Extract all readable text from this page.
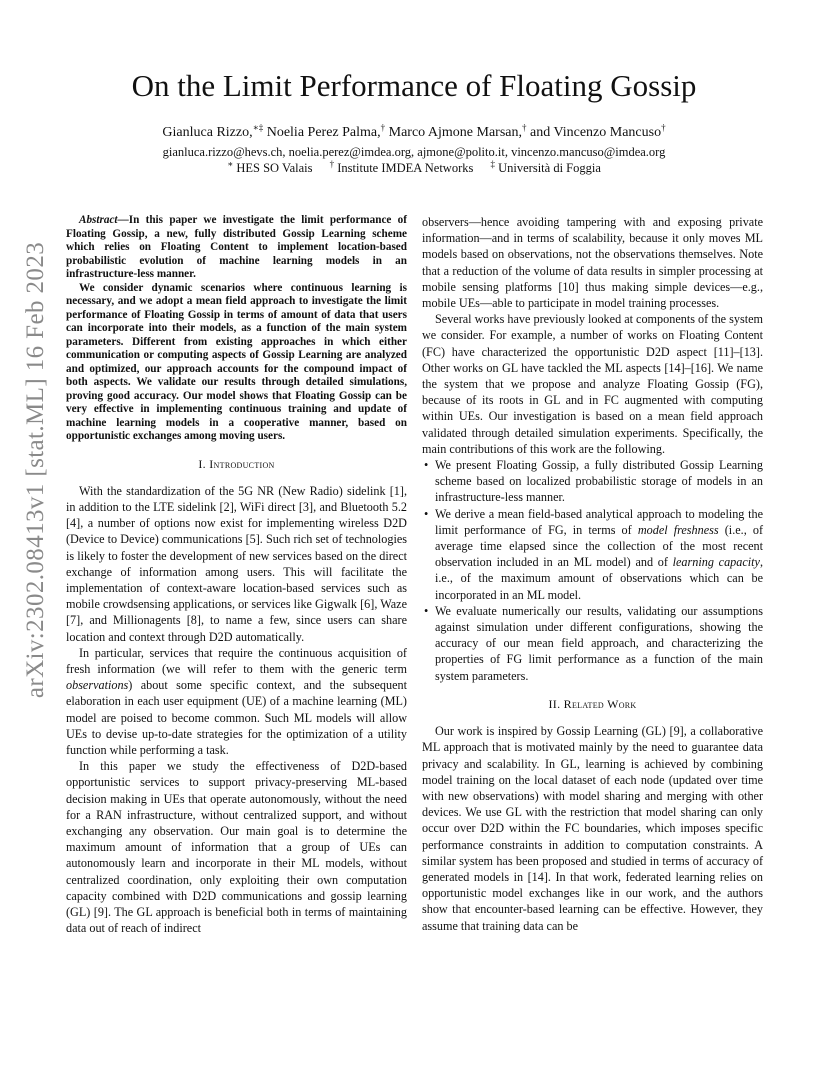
arXiv:2302.08413v1 [stat.ML] 16 Feb 2023
On the Limit Performance of Floating Gossip
Gianluca Rizzo,∗‡ Noelia Perez Palma,† Marco Ajmone Marsan,† and Vincenzo Mancuso†
gianluca.rizzo@hevs.ch, noelia.perez@imdea.org, ajmone@polito.it, vincenzo.mancuso@imdea.org
∗ HES SO Valais † Institute IMDEA Networks ‡ Università di Foggia

Abstract—In this paper we investigate the limit performance of Floating Gossip, a new, fully distributed Gossip Learning scheme which relies on Floating Content to implement location-based probabilistic evolution of machine learning models in an infrastructure-less manner.

We consider dynamic scenarios where continuous learning is necessary, and we adopt a mean field approach to investigate the limit performance of Floating Gossip in terms of amount of data that users can incorporate into their models, as a function of the main system parameters. Different from existing approaches in which either communication or computing aspects of Gossip Learning are analyzed and optimized, our approach accounts for the compound impact of both aspects. We validate our results through detailed simulations, proving good accuracy. Our model shows that Floating Gossip can be very effective in implementing continuous training and update of machine learning models in a cooperative manner, based on opportunistic exchanges among moving users.

I. Introduction

With the standardization of the 5G NR (New Radio) sidelink [1], in addition to the LTE sidelink [2], WiFi direct [3], and Bluetooth 5.2 [4], a number of options now exist for implementing wireless D2D (Device to Device) communications [5]. Such rich set of technologies is likely to foster the development of new services based on the direct exchange of information among users. This will facilitate the implementation of context-aware location-based services such as mobile crowdsensing applications, or services like Gigwalk [6], Waze [7], and Millionagents [8], to name a few, since users can share location and context through D2D automatically.

In particular, services that require the continuous acquisition of fresh information (we will refer to them with the generic term observations) about some specific context, and the subsequent elaboration in each user equipment (UE) of a machine learning (ML) model are poised to become common. Such ML models will allow UEs to devise up-to-date strategies for the optimization of a utility function while performing a task.

In this paper we study the effectiveness of D2D-based opportunistic services to support privacy-preserving ML-based decision making in UEs that operate autonomously, without the need for a RAN infrastructure, without centralized support, and without exchanging any observation. Our main goal is to determine the maximum amount of information that a group of UEs can autonomously learn and incorporate in their ML models, without centralized coordination, only exploiting their own computation capacity combined with D2D communications and gossip learning (GL) [9]. The GL approach is beneficial both in terms of maintaining data out of reach of indirect

observers—hence avoiding tampering with and exposing private information—and in terms of scalability, because it only moves ML models based on observations, not the observations themselves. Note that a reduction of the volume of data results in simpler processing at mobile sensing platforms [10] thus making simple devices—e.g., mobile UEs—able to participate in model training processes.

Several works have previously looked at components of the system we consider. For example, a number of works on Floating Content (FC) have characterized the opportunistic D2D aspect [11]–[13]. Other works on GL have tackled the ML aspects [14]–[16]. We name the system that we propose and analyze Floating Gossip (FG), because of its roots in GL and in FC augmented with computing within UEs. Our investigation is based on a mean field approach validated through detailed simulation experiments. Specifically, the main contributions of this work are the following.

• We present Floating Gossip, a fully distributed Gossip Learning scheme based on localized probabilistic storage of models in an infrastructure-less manner.
• We derive a mean field-based analytical approach to modeling the limit performance of FG, in terms of model freshness (i.e., of average time elapsed since the collection of the most recent observation included in an ML model) and of learning capacity, i.e., of the maximum amount of observations which can be incorporated in an ML model.
• We evaluate numerically our results, validating our assumptions against simulation under different configurations, showing the accuracy of our mean field approach, and characterizing the properties of FG limit performance as a function of the main system parameters.
II. Related Work

Our work is inspired by Gossip Learning (GL) [9], a collaborative ML approach that is motivated mainly by the need to guarantee data privacy and scalability. In GL, learning is achieved by combining model training on the local dataset of each node (updated over time with new observations) with model sharing and merging with other devices. We use GL with the restriction that model sharing can only occur over D2D within the FC boundaries, which imposes specific performance constraints in addition to computation constraints. A similar system has been proposed and studied in terms of accuracy of generated models in [14]. In that work, federated learning relies on opportunistic model exchanges like in our work, and the authors show that encounter-based learning can be effective. However, they assume that training data can be
